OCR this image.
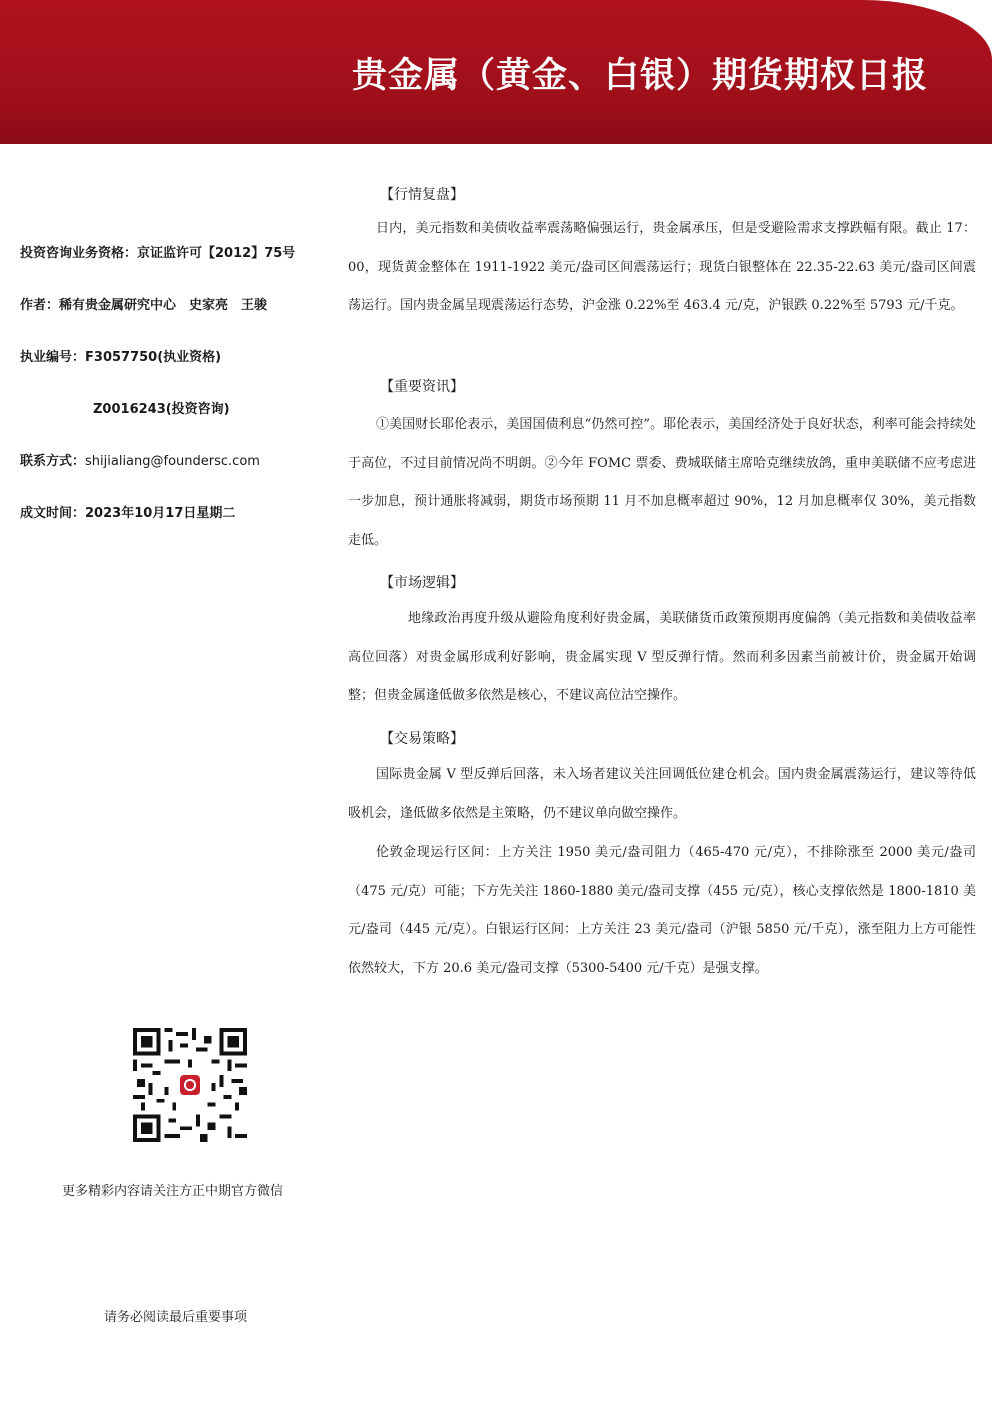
贵金属（黄金、白银）期货期权日报
投资咨询业务资格：京证监许可【2012】75号
作者：稀有贵金属研究中心　史家亮　王骏
执业编号：F3057750(执业资格)
Z0016243(投资咨询)
联系方式：shijialiang@foundersc.com
成文时间：2023年10月17日星期二
【行情复盘】
日内，美元指数和美债收益率震荡略偏强运行，贵金属承压，但是受避险需求支撑跌幅有限。截止 17：00，现货黄金整体在 1911-1922 美元/盎司区间震荡运行；现货白银整体在 22.35-22.63 美元/盎司区间震荡运行。国内贵金属呈现震荡运行态势，沪金涨 0.22%至 463.4 元/克，沪银跌 0.22%至 5793 元/千克。
【重要资讯】
①美国财长耶伦表示，美国国债利息“仍然可控”。耶伦表示，美国经济处于良好状态，利率可能会持续处于高位，不过目前情况尚不明朗。②今年 FOMC 票委、费城联储主席哈克继续放鸽，重申美联储不应考虑进一步加息，预计通胀将减弱，期货市场预期 11 月不加息概率超过 90%，12 月加息概率仅 30%，美元指数走低。
【市场逻辑】
地缘政治再度升级从避险角度利好贵金属，美联储货币政策预期再度偏鸽（美元指数和美债收益率高位回落）对贵金属形成利好影响，贵金属实现 V 型反弹行情。然而利多因素当前被计价，贵金属开始调整；但贵金属逢低做多依然是核心，不建议高位沽空操作。
【交易策略】
国际贵金属 V 型反弹后回落，未入场者建议关注回调低位建仓机会。国内贵金属震荡运行，建议等待低吸机会，逢低做多依然是主策略，仍不建议单向做空操作。
伦敦金现运行区间：上方关注 1950 美元/盎司阻力（465-470 元/克），不排除涨至 2000 美元/盎司（475 元/克）可能；下方先关注 1860-1880 美元/盎司支撑（455 元/克），核心支撑依然是 1800-1810 美元/盎司（445 元/克）。白银运行区间：上方关注 23 美元/盎司（沪银 5850 元/千克），涨至阻力上方可能性依然较大，下方 20.6 美元/盎司支撑（5300-5400 元/千克）是强支撑。
更多精彩内容请关注方正中期官方微信
请务必阅读最后重要事项
